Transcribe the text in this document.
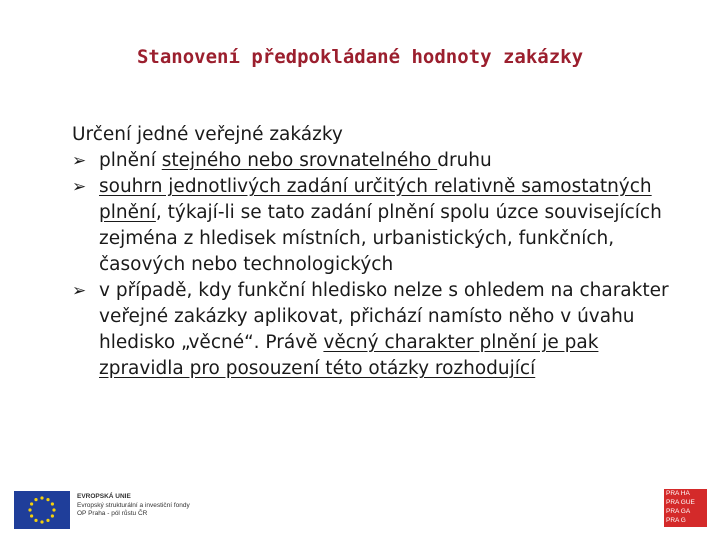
Stanovení předpokládané hodnoty zakázky
Určení jedné veřejné zakázky
➢ plnění stejného nebo srovnatelného druhu
➢ souhrn jednotlivých zadání určitých relativně samostatných plnění, týkají-li se tato zadání plnění spolu úzce souvisejících zejména z hledisek místních, urbanistických, funkčních, časových nebo technologických
➢ v případě, kdy funkční hledisko nelze s ohledem na charakter veřejné zakázky aplikovat, přichází namísto něho v úvahu hledisko „věcné“. Právě věcný charakter plnění je pak zpravidla pro posouzení této otázky rozhodující
EVROPSKÁ UNIE
Evropský strukturální a investiční fondy
OP Praha - pól růstu ČR
PRA HA
PRA GUE
PRA GA
PRA G
